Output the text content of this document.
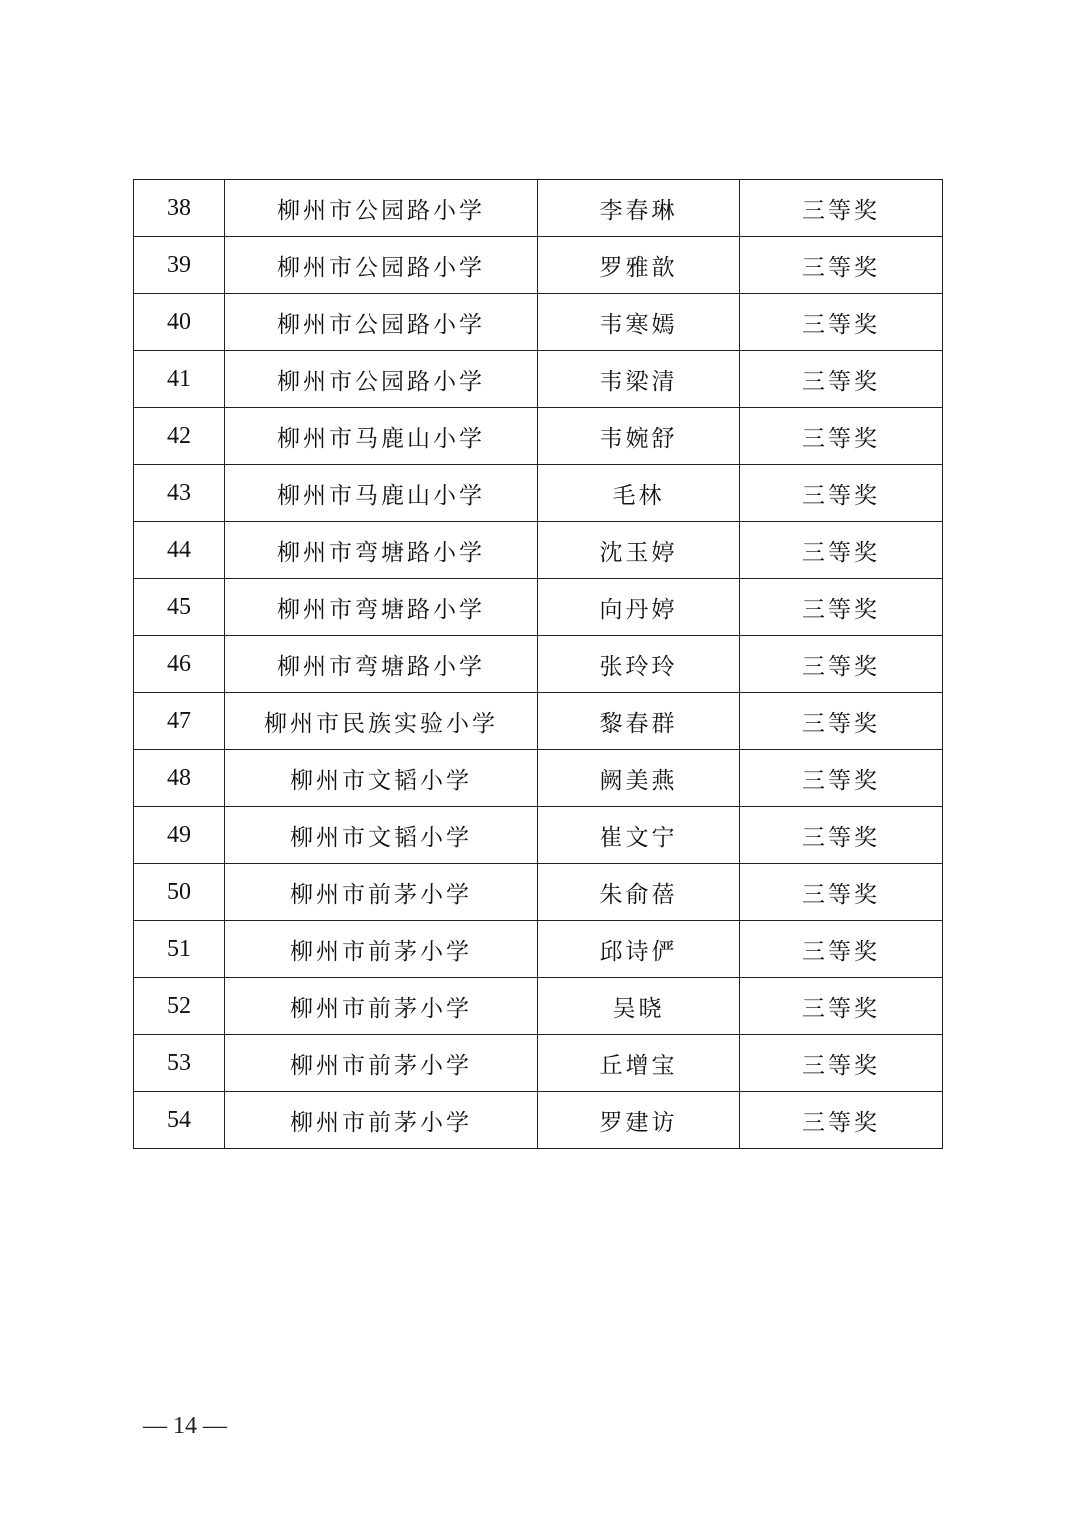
38	柳州市公园路小学	李春琳	三等奖
39	柳州市公园路小学	罗雅歆	三等奖
40	柳州市公园路小学	韦寒嫣	三等奖
41	柳州市公园路小学	韦梁清	三等奖
42	柳州市马鹿山小学	韦婉舒	三等奖
43	柳州市马鹿山小学	毛林	三等奖
44	柳州市弯塘路小学	沈玉婷	三等奖
45	柳州市弯塘路小学	向丹婷	三等奖
46	柳州市弯塘路小学	张玲玲	三等奖
47	柳州市民族实验小学	黎春群	三等奖
48	柳州市文韬小学	阙美燕	三等奖
49	柳州市文韬小学	崔文宁	三等奖
50	柳州市前茅小学	朱俞蓓	三等奖
51	柳州市前茅小学	邱诗俨	三等奖
52	柳州市前茅小学	吴晓	三等奖
53	柳州市前茅小学	丘增宝	三等奖
54	柳州市前茅小学	罗建访	三等奖
— 14 —
